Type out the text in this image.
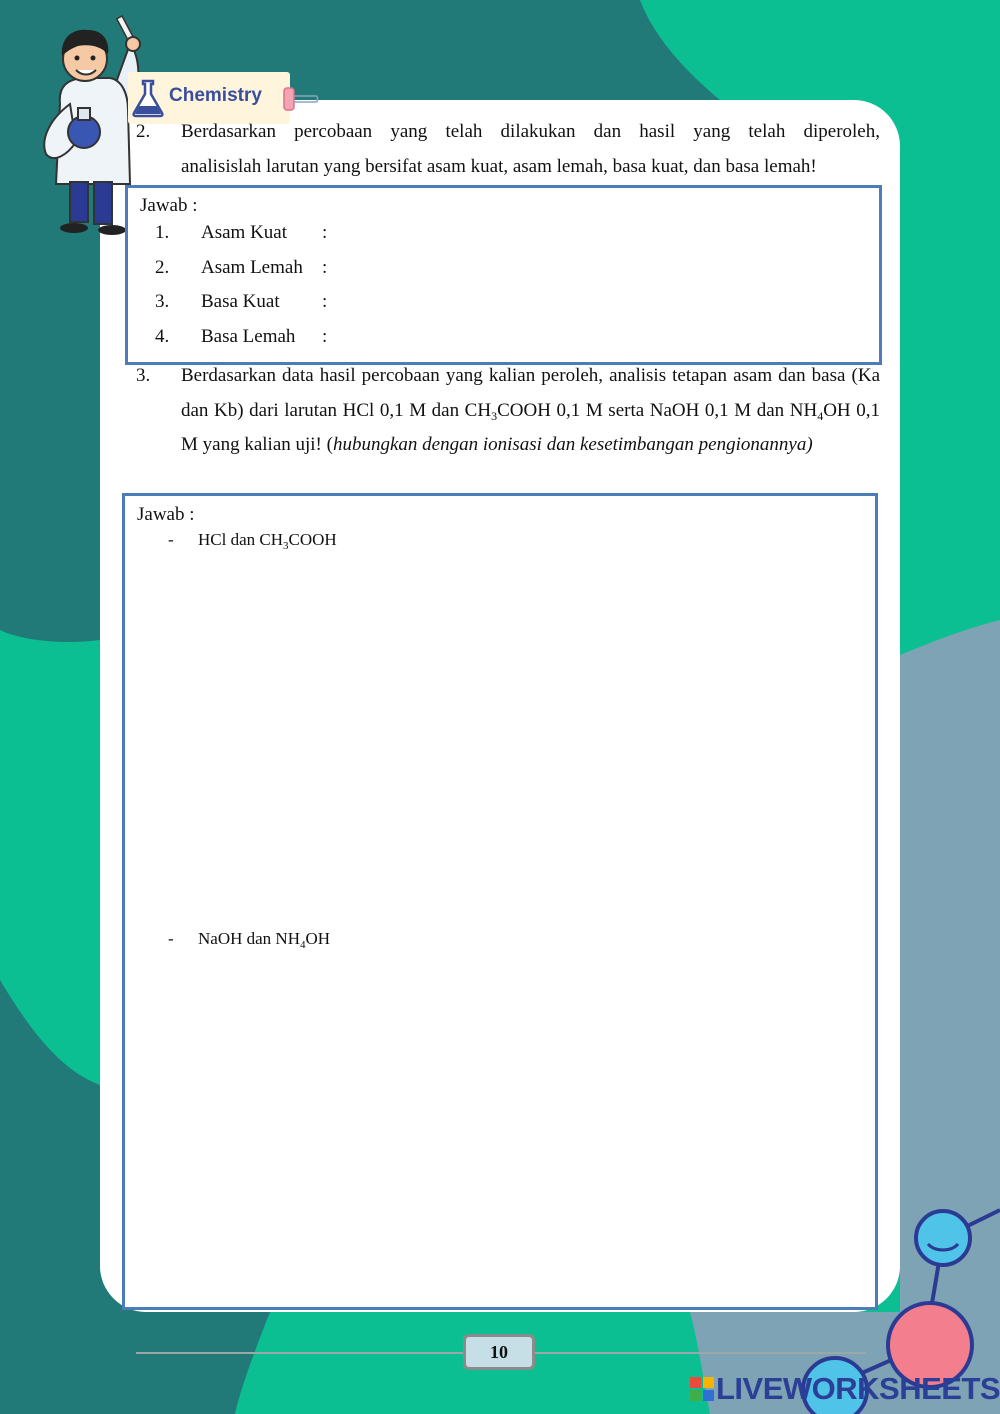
Chemistry
2. Berdasarkan percobaan yang telah dilakukan dan hasil yang telah diperoleh,
analisislah larutan yang bersifat asam kuat, asam lemah, basa kuat, dan basa lemah!
Jawab :
1. Asam Kuat :
2. Asam Lemah :
3. Basa Kuat :
4. Basa Lemah :
3. Berdasarkan data hasil percobaan yang kalian peroleh, analisis tetapan asam dan basa (Ka dan Kb) dari larutan HCl 0,1 M dan $CH_3COOH$ 0,1 M serta NaOH 0,1 M dan $NH_4OH$ 0,1 M yang kalian uji! (hubungkan dengan ionisasi dan kesetimbangan pengionannya)
Jawab :
- HCl dan $CH_3COOH$
- NaOH dan $NH_4OH$
10
LIVEWORKSHEETS
